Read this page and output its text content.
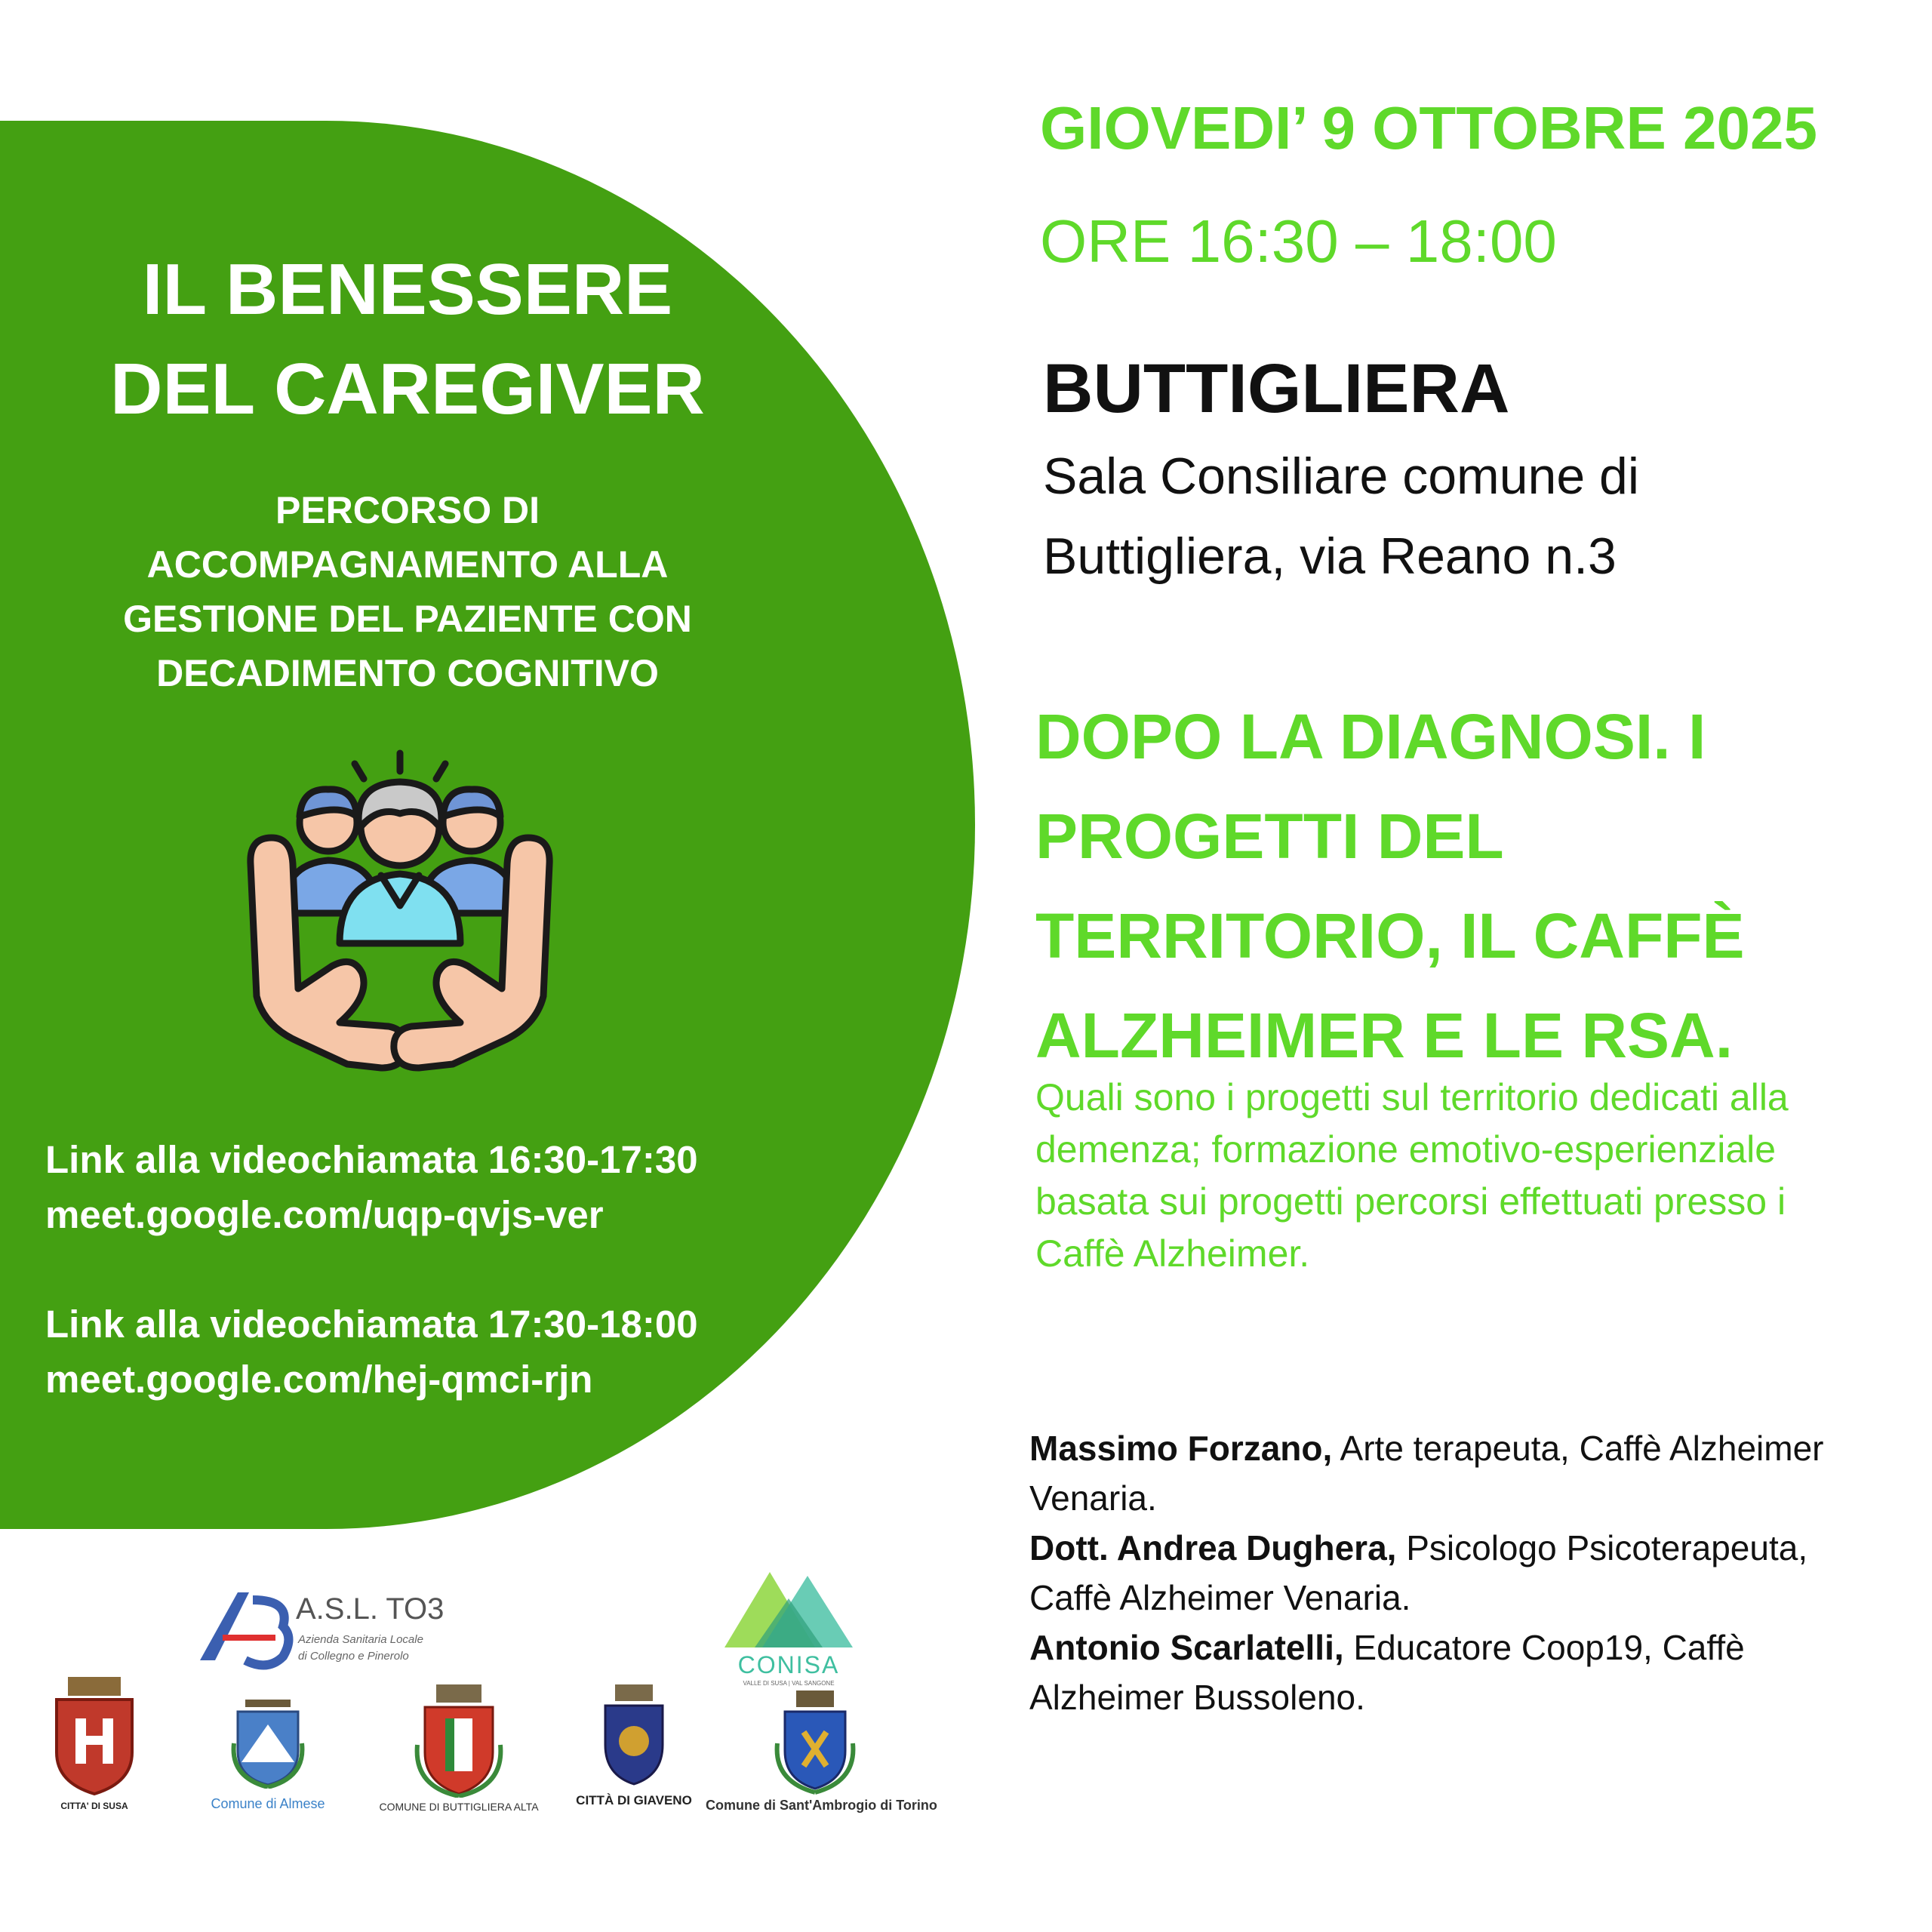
IL BENESSERE
DEL CAREGIVER
PERCORSO DI
ACCOMPAGNAMENTO ALLA
GESTIONE DEL PAZIENTE CON
DECADIMENTO COGNITIVO
Link alla videochiamata 16:30-17:30
meet.google.com/uqp-qvjs-ver
Link alla videochiamata 17:30-18:00
meet.google.com/hej-qmci-rjn
GIOVEDI’ 9 OTTOBRE 2025
ORE 16:30 – 18:00
BUTTIGLIERA
Sala Consiliare comune di
Buttigliera, via Reano n.3
DOPO LA DIAGNOSI. I
PROGETTI DEL
TERRITORIO, IL CAFFÈ
ALZHEIMER E LE RSA.
Quali sono i progetti sul territorio dedicati alla
demenza; formazione emotivo-esperienziale
basata sui progetti percorsi effettuati presso i
Caffè Alzheimer.

Massimo Forzano, Arte terapeuta, Caffè Alzheimer
Venaria.

Dott. Andrea Dughera, Psicologo Psicoterapeuta,
Caffè Alzheimer Venaria.

Antonio Scarlatelli, Educatore Coop19, Caffè
Alzheimer Bussoleno.

A.S.L. TO3
Azienda Sanitaria Locale
di Collegno e Pinerolo	CONISA
VALLE DI SUSA | VAL SANGONE
CITTA' DI SUSA	Comune di Almese	COMUNE DI BUTTIGLIERA ALTA	CITTÀ DI GIAVENO	Comune di Sant'Ambrogio di Torino
